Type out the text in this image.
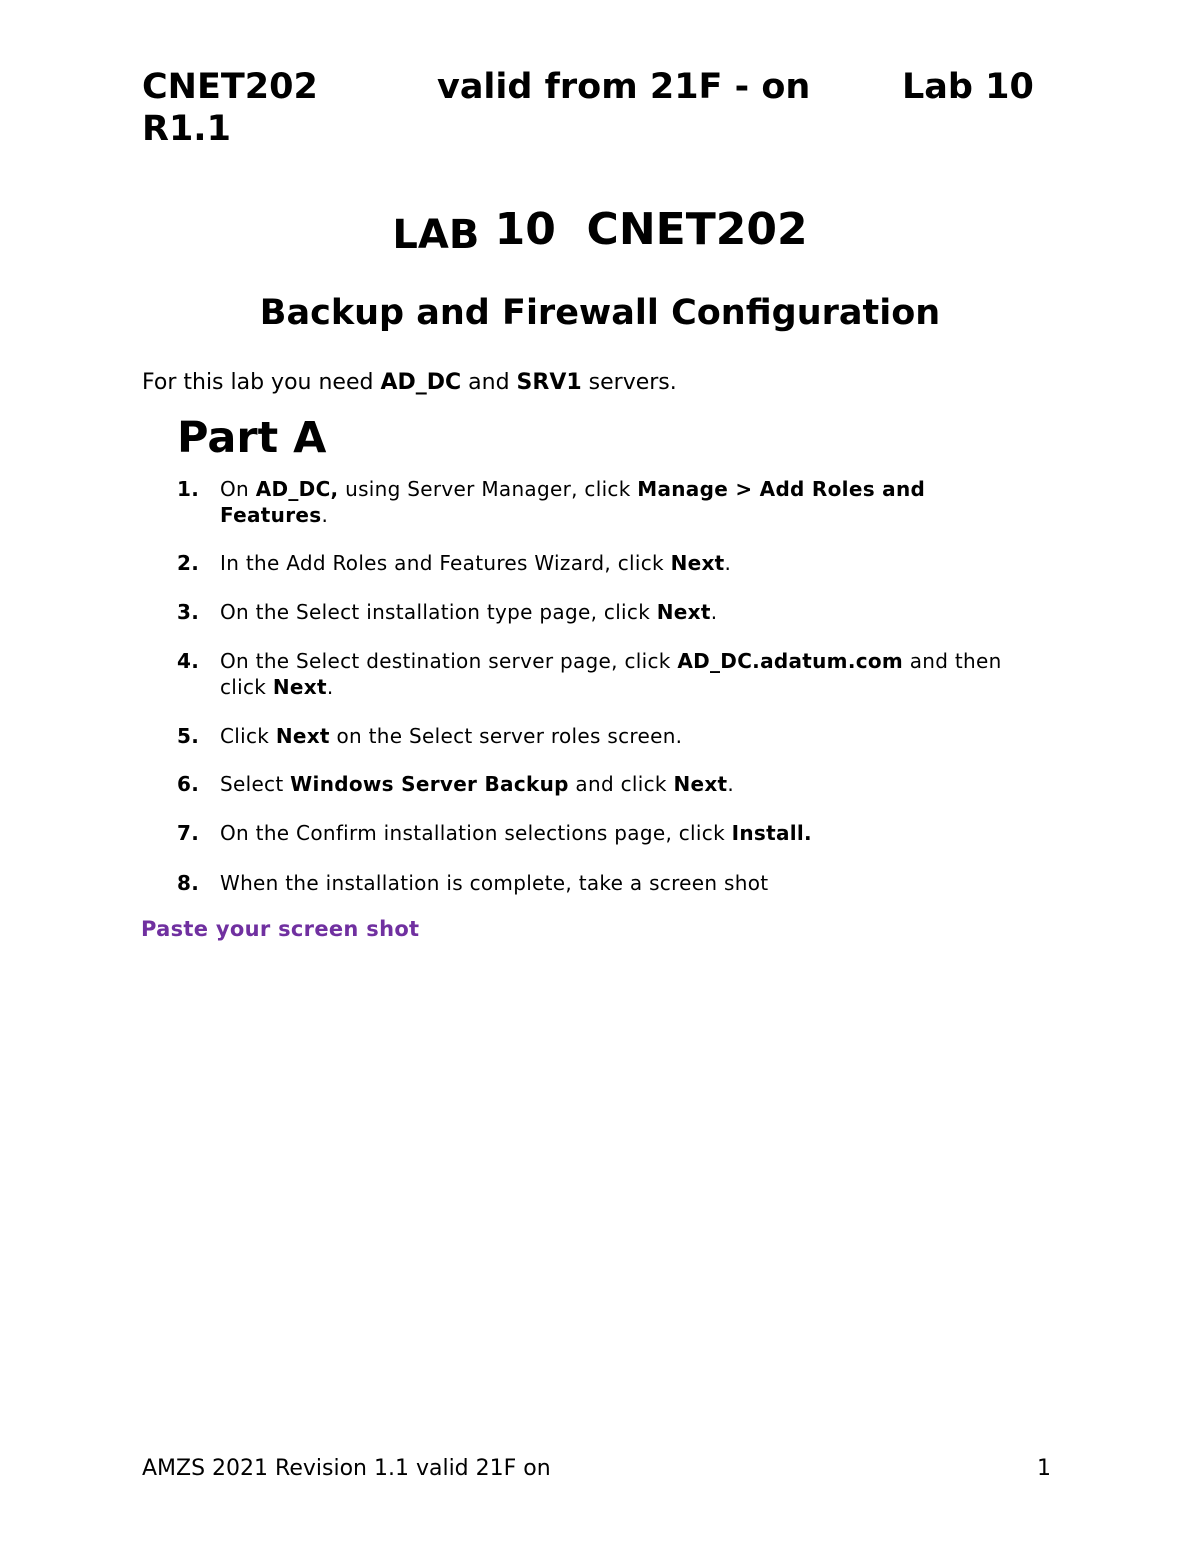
CNET202	valid from 21F - on	Lab 10
R1.1
LAB 10  CNET202
Backup and Firewall Configuration
For this lab you need AD_DC and SRV1 servers.
Part A
1. On AD_DC, using Server Manager, click Manage > Add Roles and Features.
2. In the Add Roles and Features Wizard, click Next.
3. On the Select installation type page, click Next.
4. On the Select destination server page, click AD_DC.adatum.com and then click Next.
5. Click Next on the Select server roles screen.
6. Select Windows Server Backup and click Next.
7. On the Confirm installation selections page, click Install.
8. When the installation is complete, take a screen shot
Paste your screen shot
AMZS 2021 Revision 1.1 valid 21F on	1
